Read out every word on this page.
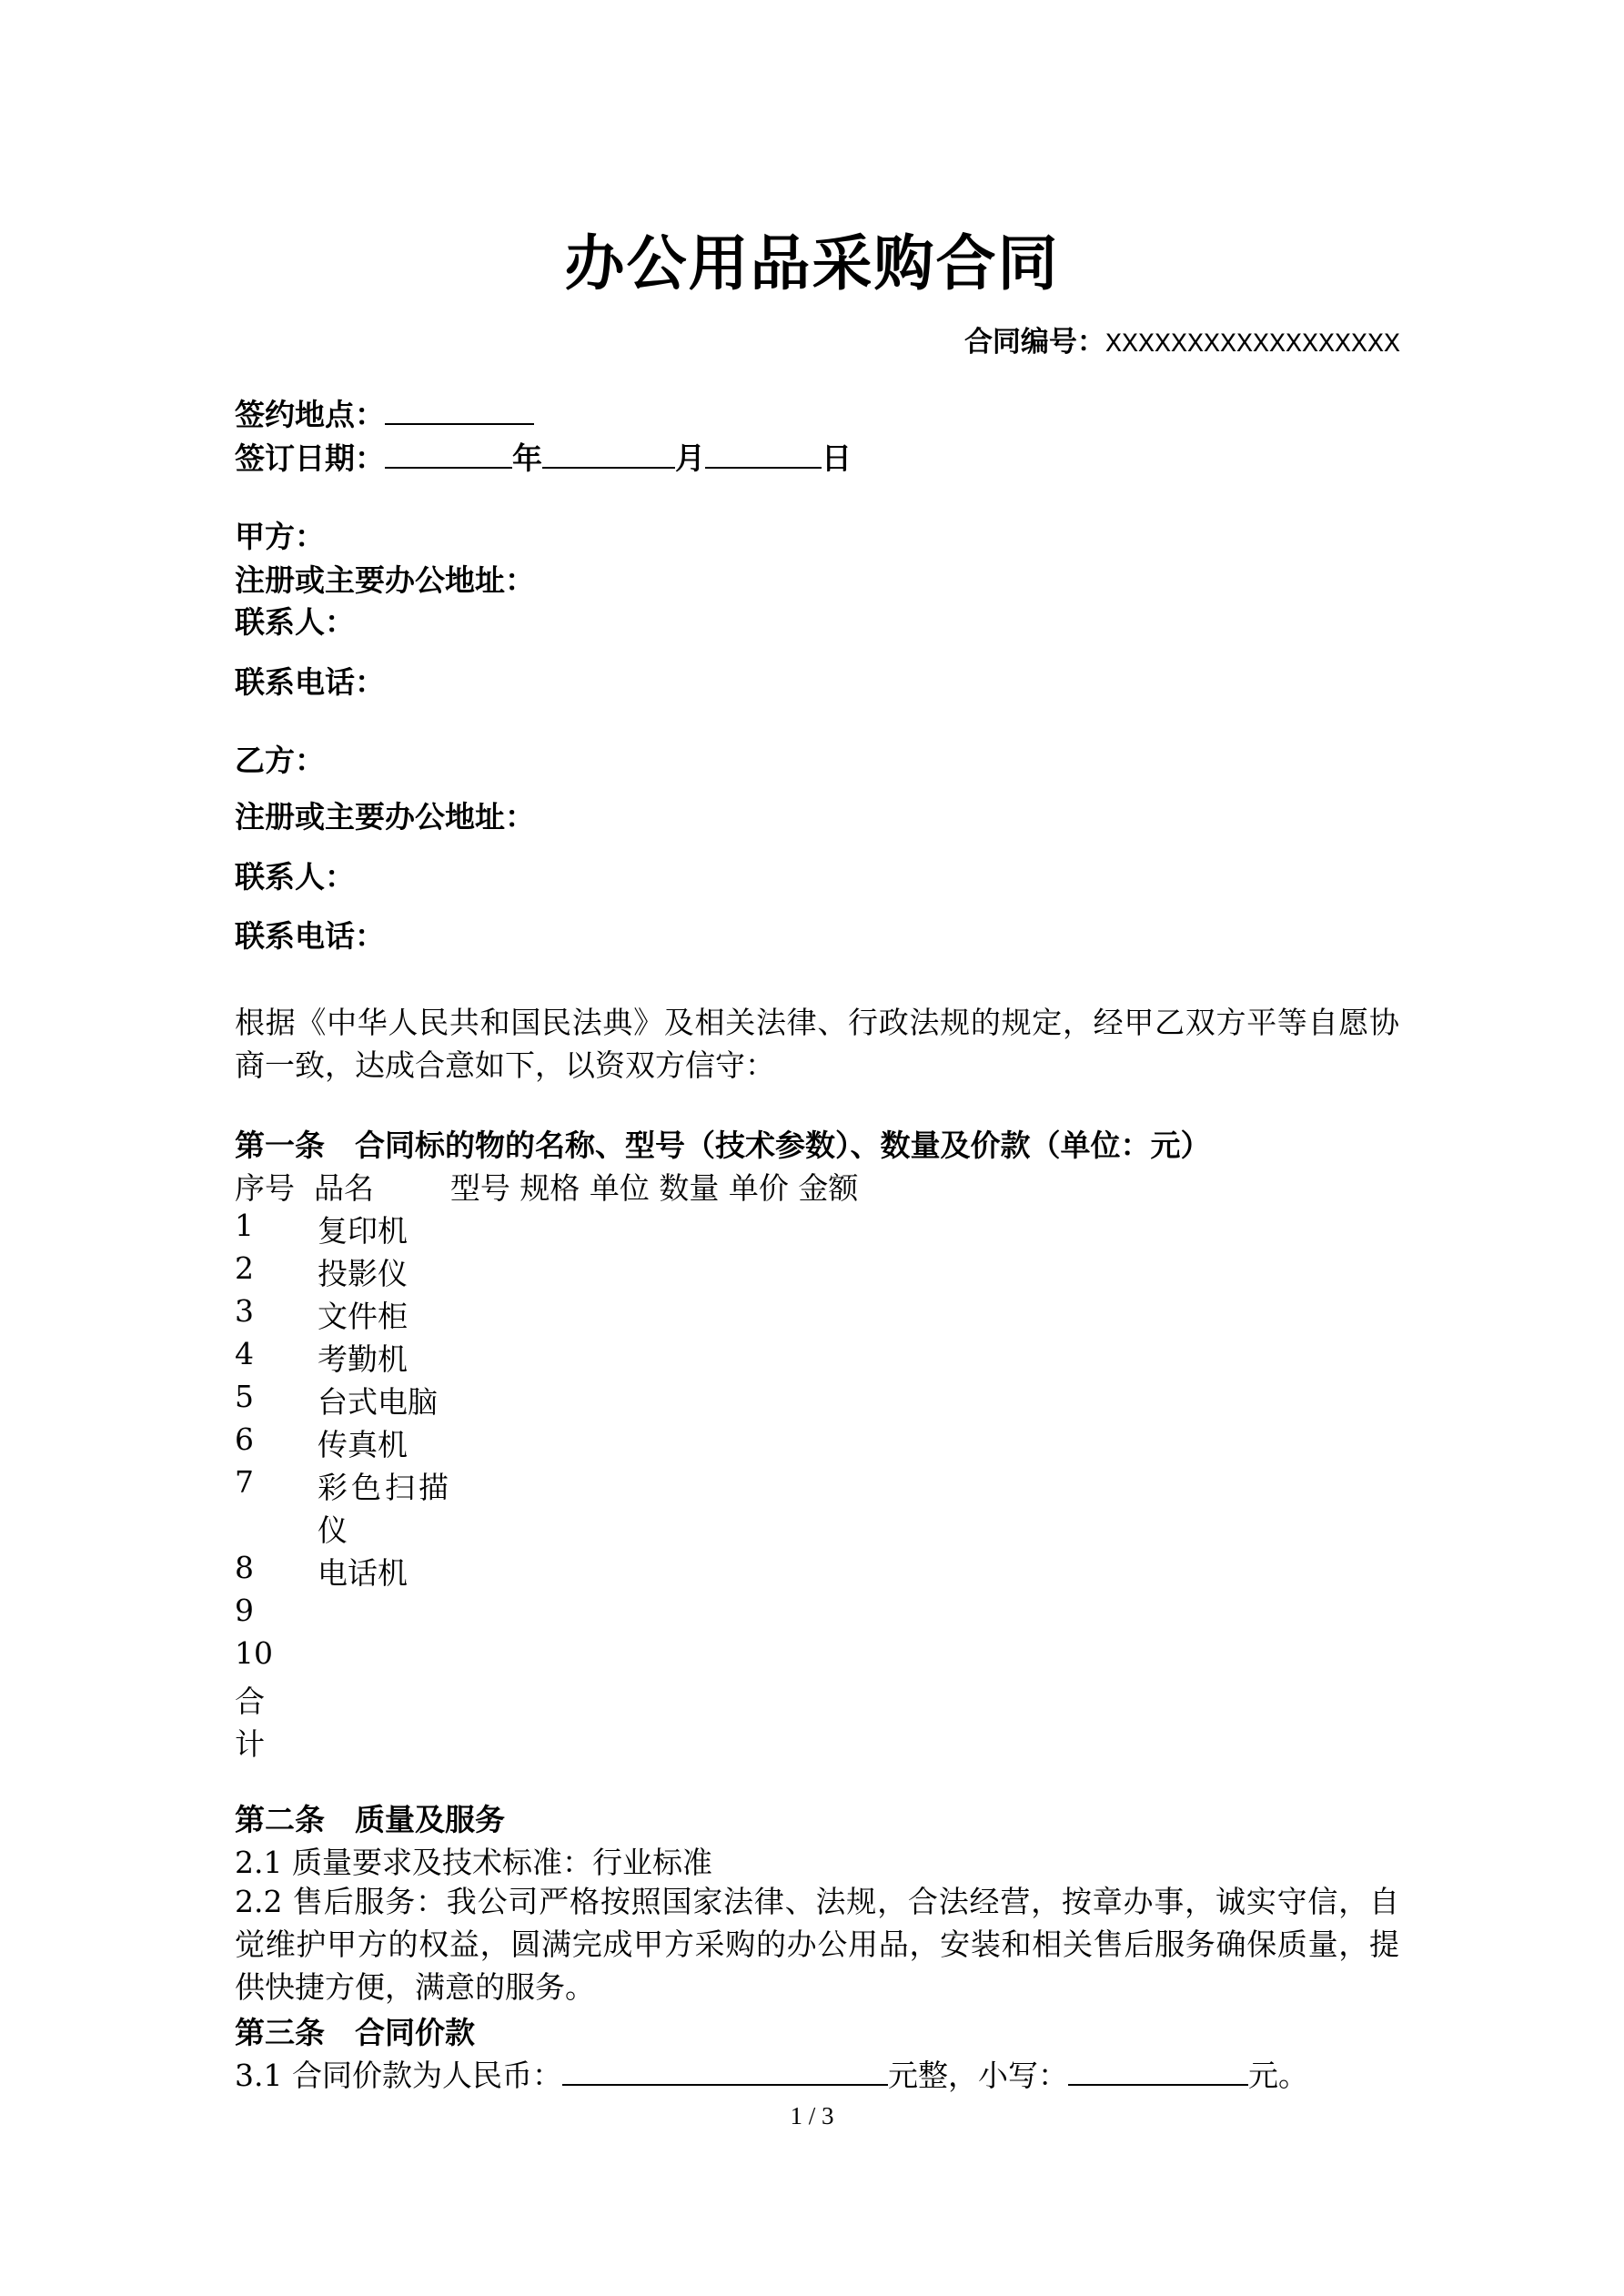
办公用品采购合同
合同编号：XXXXXXXXXXXXXXXXXX
签约地点：
签订日期：	年	月	日
甲方：
注册或主要办公地址：
联系人：
联系电话：
乙方：
注册或主要办公地址：
联系人：
联系电话：
根据《中华人民共和国民法典》及相关法律、行政法规的规定，经甲乙双方平等自愿协商一致，达成合意如下，以资双方信守：
第一条　合同标的物的名称、型号（技术参数）、数量及价款（单位：元）
序号  品名        型号 规格 单位 数量 单价 金额
1 复印机
2 投影仪
3 文件柜
4 考勤机
5 台式电脑
6 传真机
7 彩色扫描
仪
8 电话机
9
10
合
计
第二条　质量及服务
2.1 质量要求及技术标准：行业标准
2.2 售后服务：我公司严格按照国家法律、法规，合法经营，按章办事，诚实守信，自觉维护甲方的权益，圆满完成甲方采购的办公用品，安装和相关售后服务确保质量，提供快捷方便，满意的服务。
第三条　合同价款
3.1 合同价款为人民币：	元整，小写：	元。
1 / 3
